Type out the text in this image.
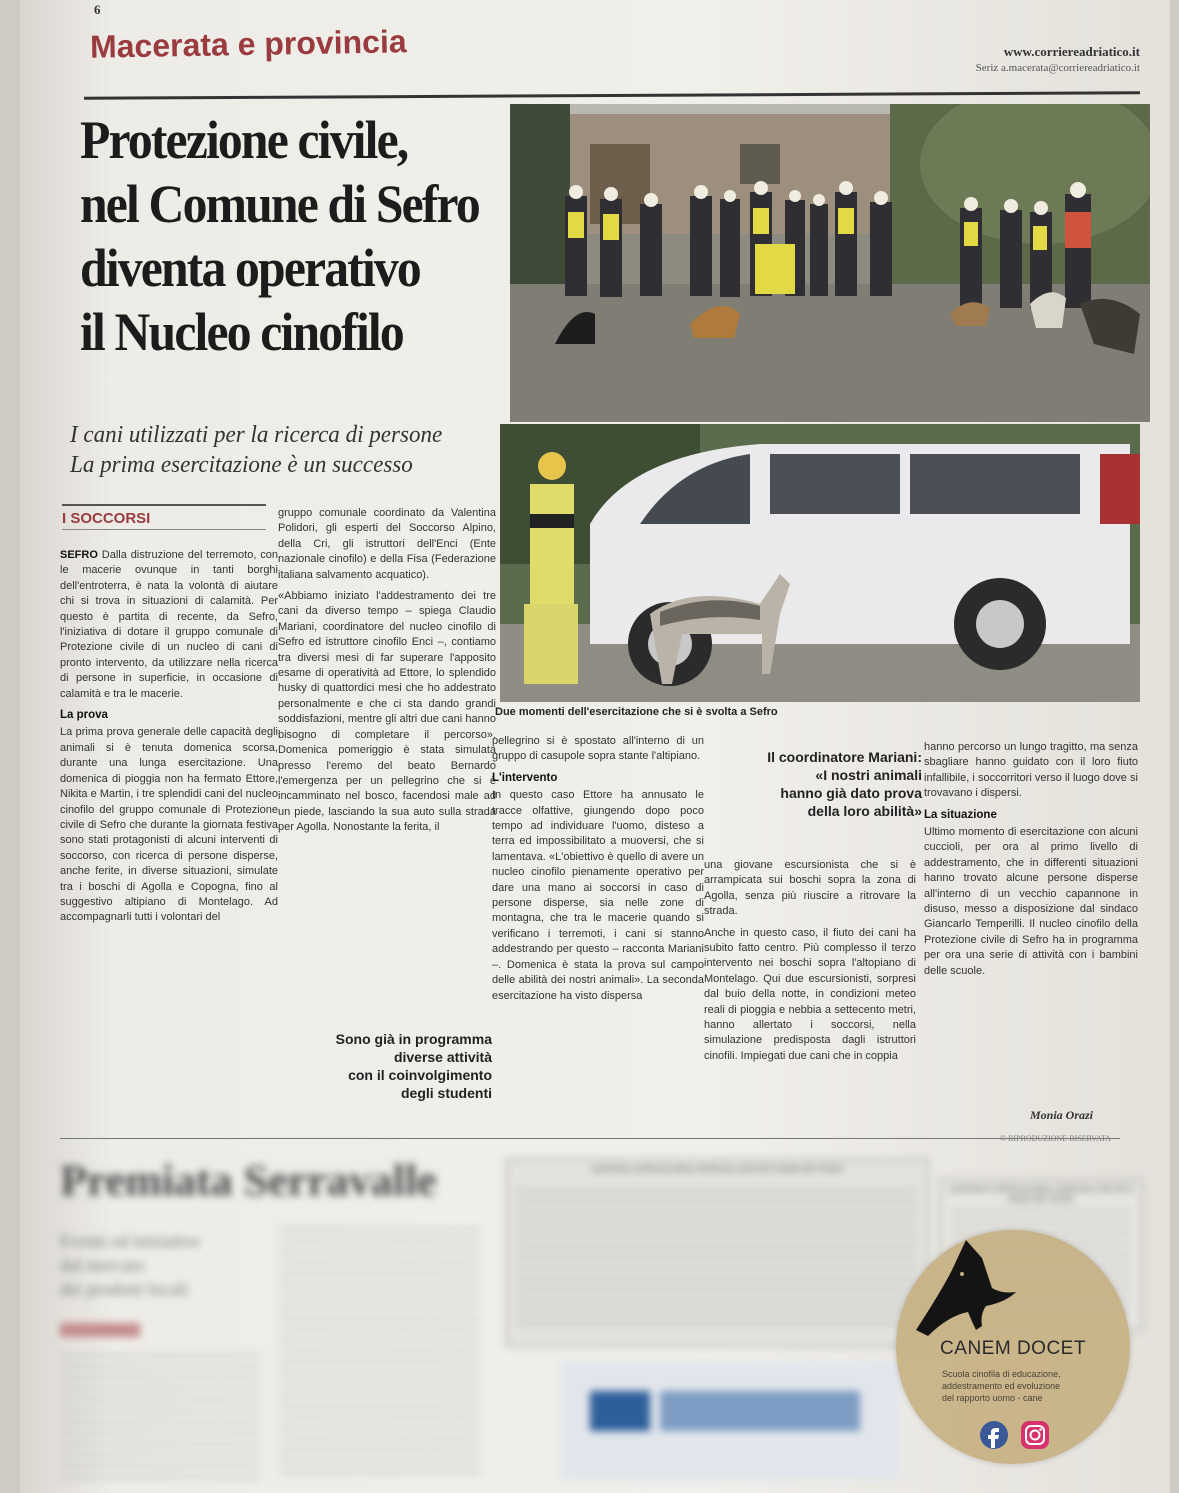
6
Macerata e provincia	www.corriereadriatico.it
Seriz a.macerata@corriereadriatico.it
Protezione civile,
nel Comune di Sefro
diventa operativo
il Nucleo cinofilo
I cani utilizzati per la ricerca di persone
La prima esercitazione è un successo
I SOCCORSI

SEFRO Dalla distruzione del terremoto, con le macerie ovunque in tanti borghi dell'entroterra, è nata la volontà di aiutare chi si trova in situazioni di calamità. Per questo è partita di recente, da Sefro, l'iniziativa di dotare il gruppo comunale di Protezione civile di un nucleo di cani di pronto intervento, da utilizzare nella ricerca di persone in superficie, in occasione di calamità e tra le macerie.

La prova

La prima prova generale delle capacità degli animali si è tenuta domenica scorsa, durante una lunga esercitazione. Una domenica di pioggia non ha fermato Ettore, Nikita e Martin, i tre splendidi cani del nucleo cinofilo del gruppo comunale di Protezione civile di Sefro che durante la giornata festiva sono stati protagonisti di alcuni interventi di soccorso, con ricerca di persone disperse, anche ferite, in diverse situazioni, simulate tra i boschi di Agolla e Copogna, fino al suggestivo altipiano di Montelago. Ad accompagnarli tutti i volontari del

gruppo comunale coordinato da Valentina Polidori, gli esperti del Soccorso Alpino, della Cri, gli istruttori dell'Enci (Ente nazionale cinofilo) e della Fisa (Federazione italiana salvamento acquatico).

«Abbiamo iniziato l'addestramento dei tre cani da diverso tempo – spiega Claudio Mariani, coordinatore del nucleo cinofilo di Sefro ed istruttore cinofilo Enci –, contiamo tra diversi mesi di far superare l'apposito esame di operatività ad Ettore, lo splendido husky di quattordici mesi che ho addestrato personalmente e che ci sta dando grandi soddisfazioni, mentre gli altri due cani hanno bisogno di completare il percorso». Domenica pomeriggio è stata simulata presso l'eremo del beato Bernardo l'emergenza per un pellegrino che si è incamminato nel bosco, facendosi male ad un piede, lasciando la sua auto sulla strada per Agolla. Nonostante la ferita, il

Sono già in programma
diverse attività
con il coinvolgimento
degli studenti

pellegrino si è spostato all'interno di un gruppo di casupole sopra stante l'altipiano.

L'intervento

In questo caso Ettore ha annusato le tracce olfattive, giungendo dopo poco tempo ad individuare l'uomo, disteso a terra ed impossibilitato a muoversi, che si lamentava. «L'obiettivo è quello di avere un nucleo cinofilo pienamente operativo per dare una mano ai soccorsi in caso di persone disperse, sia nelle zone di montagna, che tra le macerie quando si verificano i terremoti, i cani si stanno addestrando per questo – racconta Mariani –. Domenica è stata la prova sul campo delle abilità dei nostri animali». La seconda esercitazione ha visto dispersa

Il coordinatore Mariani:
«I nostri animali
hanno già dato prova
della loro abilità»

una giovane escursionista che si è arrampicata sui boschi sopra la zona di Agolla, senza più riuscire a ritrovare la strada.

Anche in questo caso, il fiuto dei cani ha subito fatto centro. Più complesso il terzo intervento nei boschi sopra l'altopiano di Montelago. Qui due escursionisti, sorpresi dal buio della notte, in condizioni meteo reali di pioggia e nebbia a settecento metri, hanno allertato i soccorsi, nella simulazione predisposta dagli istruttori cinofili. Impiegati due cani che in coppia

hanno percorso un lungo tragitto, ma senza sbagliare hanno guidato con il loro fiuto infallibile, i soccorritori verso il luogo dove si trovavano i dispersi.

La situazione

Ultimo momento di esercitazione con alcuni cuccioli, per ora al primo livello di addestramento, che in differenti situazioni hanno trovato alcune persone disperse all'interno di un vecchio capannone in disuso, messo a disposizione dal sindaco Giancarlo Temperilli. Il nucleo cinofilo della Protezione civile di Sefro ha in programma per ora una serie di attività con i bambini delle scuole.

Monia Orazi
Due momenti dell'esercitazione che si è svolta a Sefro
Premiata Serravalle
Eventi ed iniziative
dal mercato
dei prodotti locali
AZIENDA OSPEDALIERA OSPEDALI RIUNITI MARCHE NORD
AZIENDA OSPEDALIERA OSPEDALI RIUNITI MARCHE NORD
CANEM DOCET
Scuola cinofila di educazione,
addestramento ed evoluzione
del rapporto uomo - cane
